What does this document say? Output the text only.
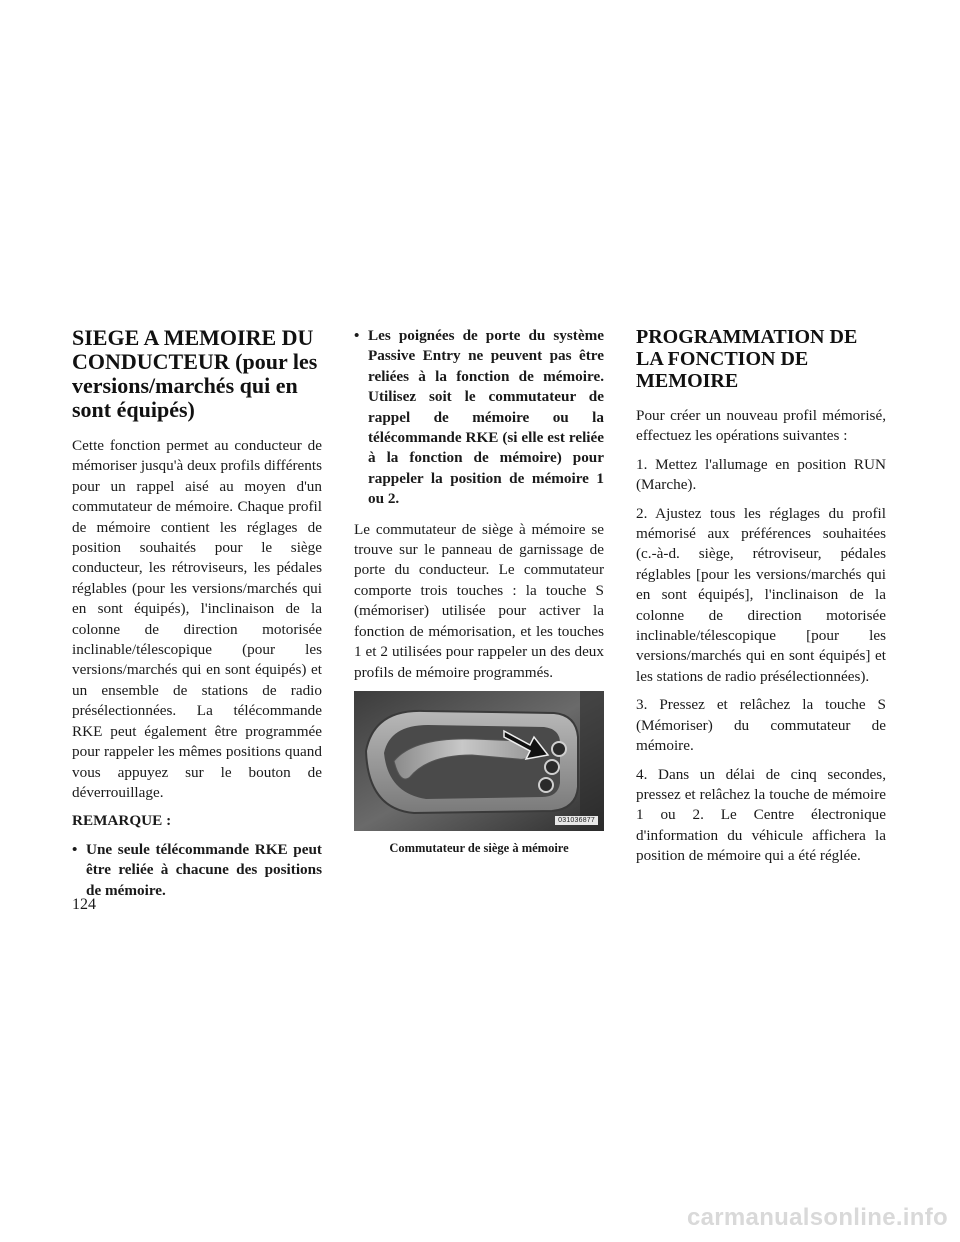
SIEGE A MEMOIRE DU CONDUCTEUR (pour les versions/marchés qui en sont équipés)

Cette fonction permet au conducteur de mémoriser jusqu'à deux profils différents pour un rappel aisé au moyen d'un commutateur de mémoire. Chaque profil de mémoire contient les réglages de position souhaités pour le siège conducteur, les rétroviseurs, les pédales réglables (pour les versions/marchés qui en sont équipés), l'inclinaison de la colonne de direction motorisée inclinable/télescopique (pour les versions/marchés qui en sont équipés) et un ensemble de stations de radio présélectionnées. La télécommande RKE peut également être programmée pour rappeler les mêmes positions quand vous appuyez sur le bouton de déverrouillage.

REMARQUE :

• Une seule télécommande RKE peut être reliée à chacune des positions de mémoire.
• Les poignées de porte du système Passive Entry ne peuvent pas être reliées à la fonction de mémoire. Utilisez soit le commutateur de rappel de mémoire ou la télécommande RKE (si elle est reliée à la fonction de mémoire) pour rappeler la position de mémoire 1 ou 2.

Le commutateur de siège à mémoire se trouve sur le panneau de garnissage de porte du conducteur. Le commutateur comporte trois touches : la touche S (mémoriser) utilisée pour activer la fonction de mémorisation, et les touches 1 et 2 utilisées pour rappeler un des deux profils de mémoire programmés.

031036877
Commutateur de siège à mémoire
PROGRAMMATION DE LA FONCTION DE MEMOIRE

Pour créer un nouveau profil mémorisé, effectuez les opérations suivantes :

1. Mettez l'allumage en position RUN (Marche).

2. Ajustez tous les réglages du profil mémorisé aux préférences souhaitées (c.-à-d. siège, rétroviseur, pédales réglables [pour les versions/marchés qui en sont équipés], l'inclinaison de la colonne de direction motorisée inclinable/télescopique [pour les versions/marchés qui en sont équipés] et les stations de radio présélectionnées).

3. Pressez et relâchez la touche S (Mémoriser) du commutateur de mémoire.

4. Dans un délai de cinq secondes, pressez et relâchez la touche de mémoire 1 ou 2. Le Centre électronique d'information du véhicule affichera la position de mémoire qui a été réglée.

124
carmanualsonline.info
